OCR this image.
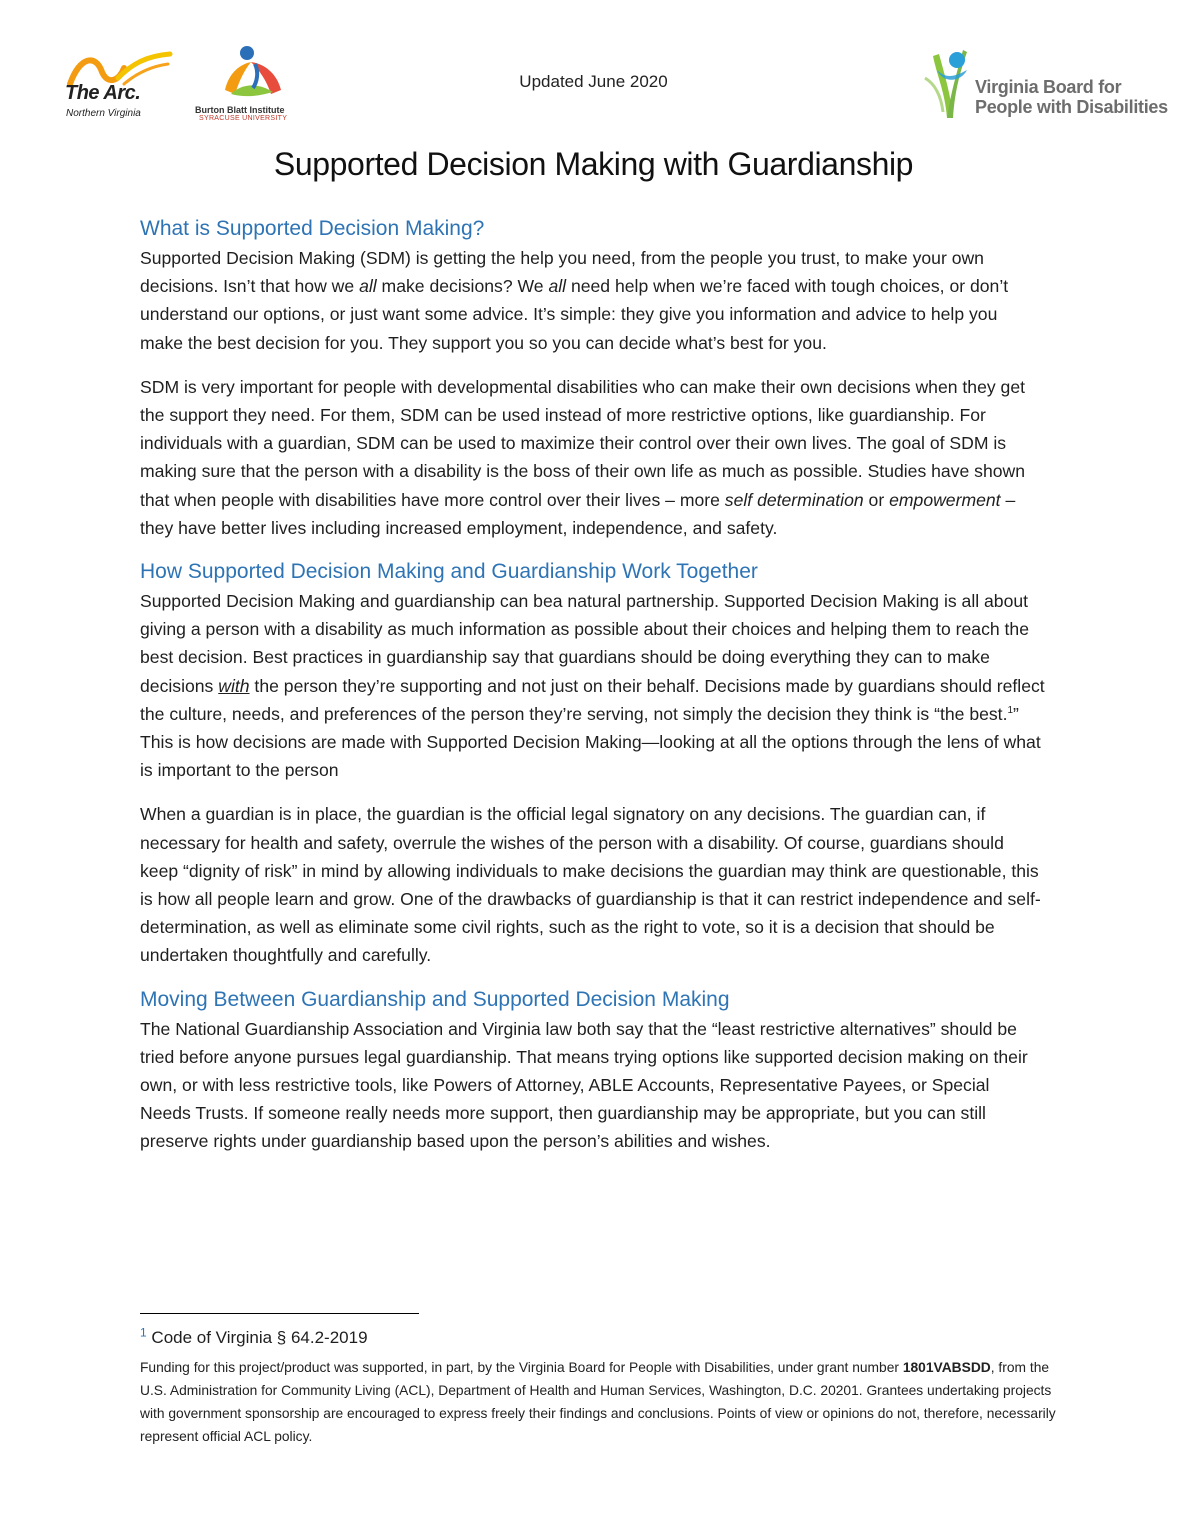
The Arc.
Northern Virginia	Burton Blatt Institute
SYRACUSE UNIVERSITY
Updated June 2020	Virginia Board for
People with Disabilities
Supported Decision Making with Guardianship
What is Supported Decision Making?

Supported Decision Making (SDM) is getting the help you need, from the people you trust, to make your own decisions. Isn’t that how we all make decisions? We all need help when we’re faced with tough choices, or don’t understand our options, or just want some advice. It’s simple: they give you information and advice to help you make the best decision for you. They support you so you can decide what’s best for you.

SDM is very important for people with developmental disabilities who can make their own decisions when they get the support they need. For them, SDM can be used instead of more restrictive options, like guardianship. For individuals with a guardian, SDM can be used to maximize their control over their own lives. The goal of SDM is making sure that the person with a disability is the boss of their own life as much as possible. Studies have shown that when people with disabilities have more control over their lives – more self determination or empowerment – they have better lives including increased employment, independence, and safety.

How Supported Decision Making and Guardianship Work Together

Supported Decision Making and guardianship can bea natural partnership. Supported Decision Making is all about giving a person with a disability as much information as possible about their choices and helping them to reach the best decision. Best practices in guardianship say that guardians should be doing everything they can to make decisions with the person they’re supporting and not just on their behalf. Decisions made by guardians should reflect the culture, needs, and preferences of the person they’re serving, not simply the decision they think is “the best.$^1$” This is how decisions are made with Supported Decision Making—looking at all the options through the lens of what is important to the person

When a guardian is in place, the guardian is the official legal signatory on any decisions. The guardian can, if necessary for health and safety, overrule the wishes of the person with a disability. Of course, guardians should keep “dignity of risk” in mind by allowing individuals to make decisions the guardian may think are questionable, this is how all people learn and grow. One of the drawbacks of guardianship is that it can restrict independence and self-determination, as well as eliminate some civil rights, such as the right to vote, so it is a decision that should be undertaken thoughtfully and carefully.

Moving Between Guardianship and Supported Decision Making

The National Guardianship Association and Virginia law both say that the “least restrictive alternatives” should be tried before anyone pursues legal guardianship. That means trying options like supported decision making on their own, or with less restrictive tools, like Powers of Attorney, ABLE Accounts, Representative Payees, or Special Needs Trusts. If someone really needs more support, then guardianship may be appropriate, but you can still preserve rights under guardianship based upon the person’s abilities and wishes.

$^1$ Code of Virginia § 64.2-2019
Funding for this project/product was supported, in part, by the Virginia Board for People with Disabilities, under grant number 1801VABSDD, from the U.S. Administration for Community Living (ACL), Department of Health and Human Services, Washington, D.C. 20201. Grantees undertaking projects with government sponsorship are encouraged to express freely their findings and conclusions. Points of view or opinions do not, therefore, necessarily represent official ACL policy.
